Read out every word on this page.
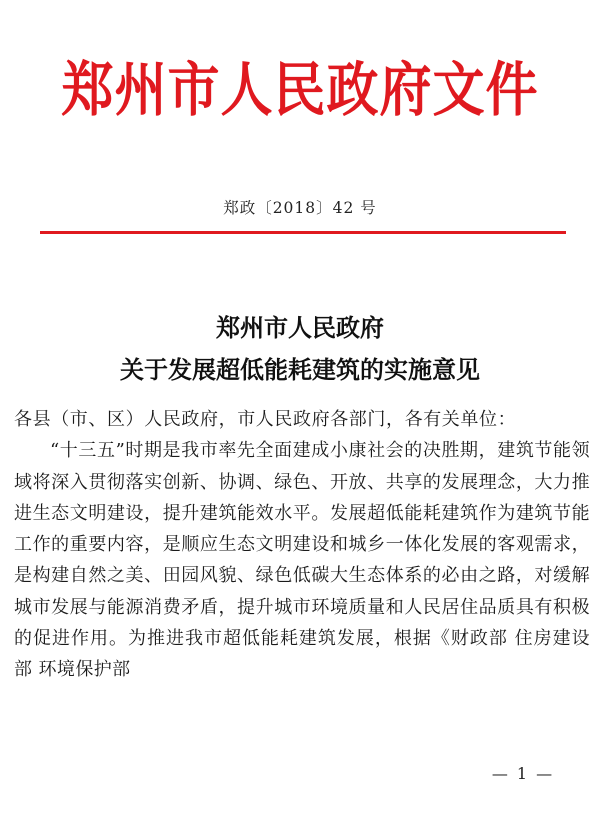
郑州市人民政府文件
郑政〔2018〕42 号
郑州市人民政府
关于发展超低能耗建筑的实施意见

各县（市、区）人民政府，市人民政府各部门，各有关单位：

“十三五”时期是我市率先全面建成小康社会的决胜期，建筑节能领域将深入贯彻落实创新、协调、绿色、开放、共享的发展理念，大力推进生态文明建设，提升建筑能效水平。发展超低能耗建筑作为建筑节能工作的重要内容，是顺应生态文明建设和城乡一体化发展的客观需求，是构建自然之美、田园风貌、绿色低碳大生态体系的必由之路，对缓解城市发展与能源消费矛盾，提升城市环境质量和人民居住品质具有积极的促进作用。为推进我市超低能耗建筑发展，根据《财政部 住房建设部 环境保护部

— 1 —
